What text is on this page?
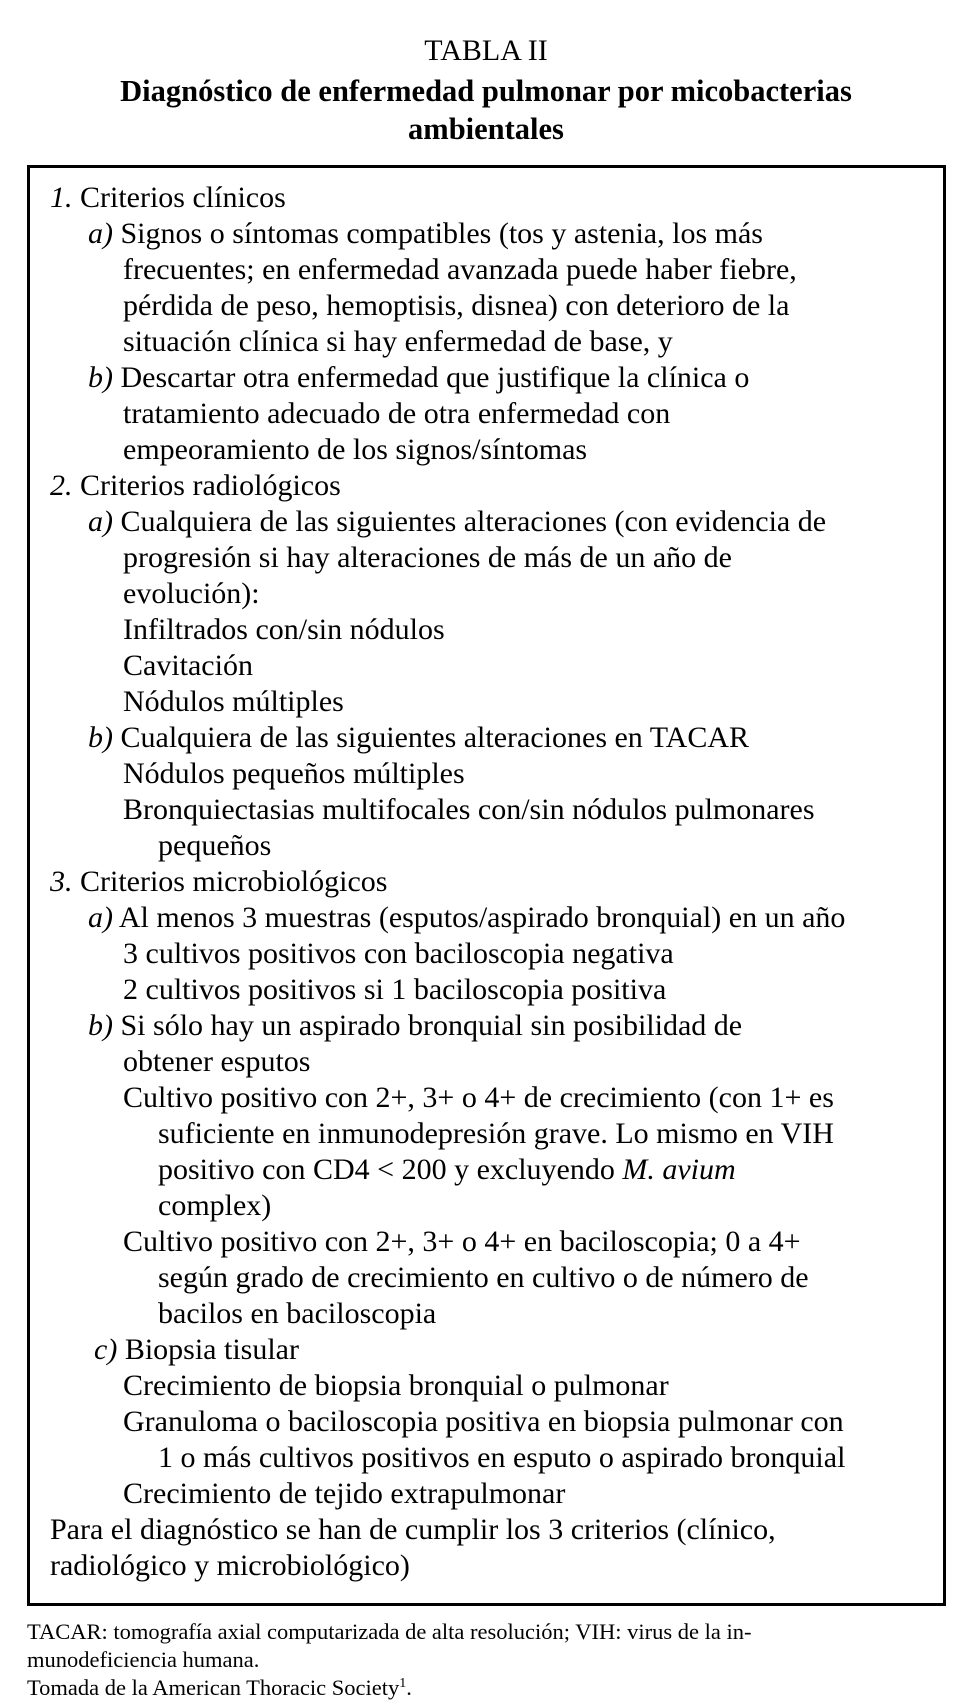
TABLA II
Diagnóstico de enfermedad pulmonar por micobacterias
ambientales
1. Criterios clínicos
a) Signos o síntomas compatibles (tos y astenia, los más
frecuentes; en enfermedad avanzada puede haber fiebre,
pérdida de peso, hemoptisis, disnea) con deterioro de la
situación clínica si hay enfermedad de base, y
b) Descartar otra enfermedad que justifique la clínica o
tratamiento adecuado de otra enfermedad con
empeoramiento de los signos/síntomas
2. Criterios radiológicos
a) Cualquiera de las siguientes alteraciones (con evidencia de
progresión si hay alteraciones de más de un año de
evolución):
Infiltrados con/sin nódulos
Cavitación
Nódulos múltiples
b) Cualquiera de las siguientes alteraciones en TACAR
Nódulos pequeños múltiples
Bronquiectasias multifocales con/sin nódulos pulmonares
pequeños
3. Criterios microbiológicos
a) Al menos 3 muestras (esputos/aspirado bronquial) en un año
3 cultivos positivos con baciloscopia negativa
2 cultivos positivos si 1 baciloscopia positiva
b) Si sólo hay un aspirado bronquial sin posibilidad de
obtener esputos
Cultivo positivo con 2+, 3+ o 4+ de crecimiento (con 1+ es
suficiente en inmunodepresión grave. Lo mismo en VIH
positivo con CD4 < 200 y excluyendo M. avium
complex)
Cultivo positivo con 2+, 3+ o 4+ en baciloscopia; 0 a 4+
según grado de crecimiento en cultivo o de número de
bacilos en baciloscopia
c) Biopsia tisular
Crecimiento de biopsia bronquial o pulmonar
Granuloma o baciloscopia positiva en biopsia pulmonar con
1 o más cultivos positivos en esputo o aspirado bronquial
Crecimiento de tejido extrapulmonar
Para el diagnóstico se han de cumplir los 3 criterios (clínico,
radiológico y microbiológico)
TACAR: tomografía axial computarizada de alta resolución; VIH: virus de la in-
munodeficiencia humana.
Tomada de la American Thoracic Society$^1$.
